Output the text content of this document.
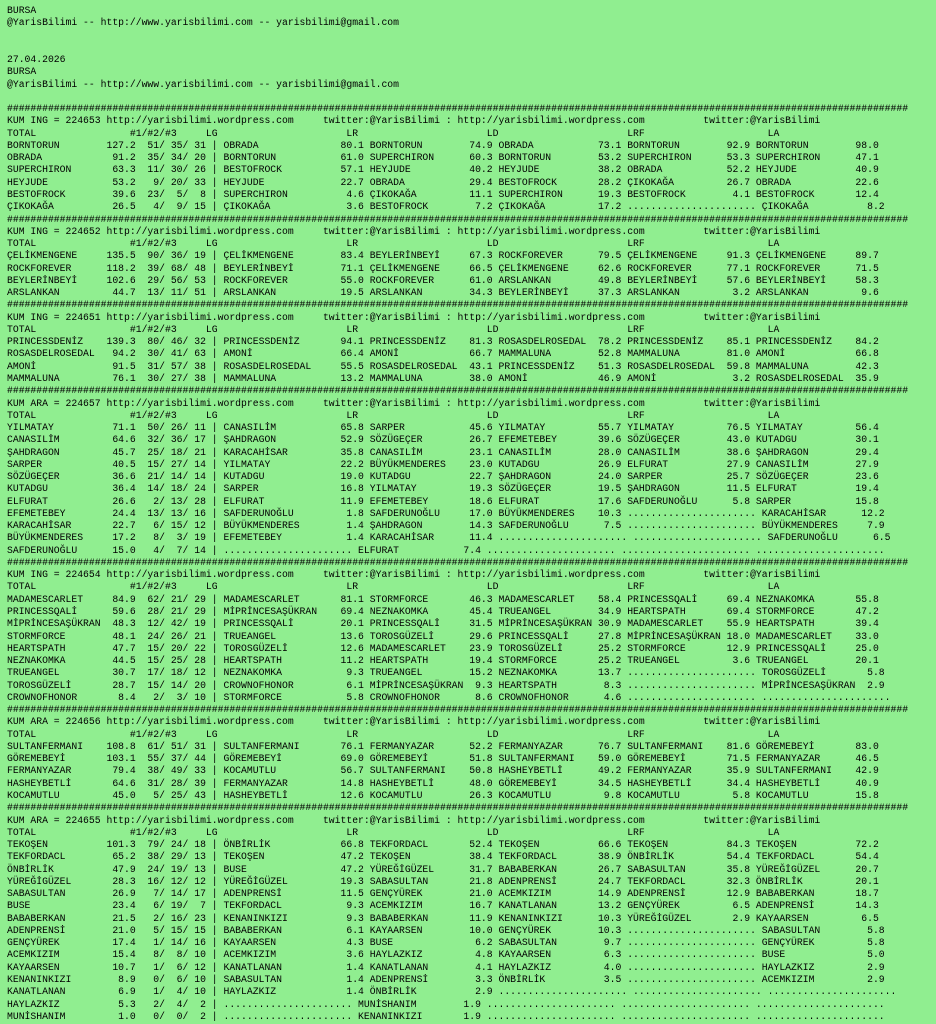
BURSA
@YarisBilimi -- http://www.yarisbilimi.com -- yarisbilimi@gmail.com
27.04.2026
BURSA
@YarisBilimi -- http://www.yarisbilimi.com -- yarisbilimi@gmail.com
##########################################################################################################################################################
KUM ING = 224653 http://yarisbilimi.wordpress.com     twitter:@YarisBilimi : http://yarisbilimi.wordpress.com          twitter:@YarisBilimi
TOTAL                #1/#2/#3     LG                      LR                      LD                      LRF                     LA
BORNTORUN        127.2  51/ 35/ 31 | OBRADA              80.1 BORNTORUN        74.9 OBRADA           73.1 BORNTORUN        92.9 BORNTORUN        98.0
OBRADA            91.2  35/ 34/ 20 | BORNTORUN           61.0 SUPERCHIRON      60.3 BORNTORUN        53.2 SUPERCHIRON      53.3 SUPERCHIRON      47.1
SUPERCHIRON       63.3  11/ 30/ 26 | BESTOFROCK          57.1 HEYJUDE          40.2 HEYJUDE          38.2 OBRADA           52.2 HEYJUDE          40.9
HEYJUDE           53.2   9/ 20/ 33 | HEYJUDE             22.7 OBRADA           29.4 BESTOFROCK       28.2 ÇIKOKAĞA         26.7 OBRADA           22.6
BESTOFROCK        39.6  23/  5/  8 | SUPERCHIRON          4.6 ÇIKOKAĞA         11.1 SUPERCHIRON      19.3 BESTOFROCK        4.1 BESTOFROCK       12.4
ÇIKOKAĞA          26.5   4/  9/ 15 | ÇIKOKAĞA             3.6 BESTOFROCK        7.2 ÇIKOKAĞA         17.2 ...................... ÇIKOKAĞA          8.2
##########################################################################################################################################################
KUM ING = 224652 http://yarisbilimi.wordpress.com     twitter:@YarisBilimi : http://yarisbilimi.wordpress.com          twitter:@YarisBilimi
TOTAL                #1/#2/#3     LG                      LR                      LD                      LRF                     LA
ÇELİKMENGENE     135.5  90/ 36/ 19 | ÇELİKMENGENE        83.4 BEYLERİNBEYİ     67.3 ROCKFOREVER      79.5 ÇELİKMENGENE     91.3 ÇELİKMENGENE     89.7
ROCKFOREVER      118.2  39/ 68/ 48 | BEYLERİNBEYİ        71.1 ÇELİKMENGENE     66.5 ÇELİKMENGENE     62.6 ROCKFOREVER      77.1 ROCKFOREVER      71.5
BEYLERİNBEYİ     102.6  29/ 56/ 53 | ROCKFOREVER         55.0 ROCKFOREVER      61.0 ARSLANKAN        49.8 BEYLERİNBEYİ     57.6 BEYLERİNBEYİ     58.3
ARSLANKAN         44.7  13/ 11/ 51 | ARSLANKAN           19.5 ARSLANKAN        34.3 BEYLERİNBEYİ     37.3 ARSLANKAN         3.2 ARSLANKAN         9.6
##########################################################################################################################################################
KUM ING = 224651 http://yarisbilimi.wordpress.com     twitter:@YarisBilimi : http://yarisbilimi.wordpress.com          twitter:@YarisBilimi
TOTAL                #1/#2/#3     LG                      LR                      LD                      LRF                     LA
PRINCESSDENİZ    139.3  80/ 46/ 32 | PRINCESSDENİZ       94.1 PRINCESSDENİZ    81.3 ROSASDELROSEDAL  78.2 PRINCESSDENİZ    85.1 PRINCESSDENİZ    84.2
ROSASDELROSEDAL   94.2  30/ 41/ 63 | AMONİ               66.4 AMONİ            66.7 MAMMALUNA        52.8 MAMMALUNA        81.0 AMONİ            66.8
AMONİ             91.5  31/ 57/ 38 | ROSASDELROSEDAL     55.5 ROSASDELROSEDAL  43.1 PRINCESSDENİZ    51.3 ROSASDELROSEDAL  59.8 MAMMALUNA        42.3
MAMMALUNA         76.1  30/ 27/ 38 | MAMMALUNA           13.2 MAMMALUNA        38.0 AMONİ            46.9 AMONİ             3.2 ROSASDELROSEDAL  35.9
##########################################################################################################################################################
KUM ARA = 224657 http://yarisbilimi.wordpress.com     twitter:@YarisBilimi : http://yarisbilimi.wordpress.com          twitter:@YarisBilimi
TOTAL                #1/#2/#3     LG                      LR                      LD                      LRF                     LA
YILMATAY          71.1  50/ 26/ 11 | CANASILİM           65.8 SARPER           45.6 YILMATAY         55.7 YILMATAY         76.5 YILMATAY         56.4
CANASILİM         64.6  32/ 36/ 17 | ŞAHDRAGON           52.9 SÖZÜGEÇER        26.7 EFEMETEBEY       39.6 SÖZÜGEÇER        43.0 KUTADGU          30.1
ŞAHDRAGON         45.7  25/ 18/ 21 | KARACAHİSAR         35.8 CANASILİM        23.1 CANASILİM        28.0 CANASILİM        38.6 ŞAHDRAGON        29.4
SARPER            40.5  15/ 27/ 14 | YILMATAY            22.2 BÜYÜKMENDERES    23.0 KUTADGU          26.9 ELFURAT          27.9 CANASILİM        27.9
SÖZÜGEÇER         36.6  21/ 14/ 14 | KUTADGU             19.0 KUTADGU          22.7 ŞAHDRAGON        24.0 SARPER           25.7 SÖZÜGEÇER        23.6
KUTADGU           36.4  14/ 18/ 24 | SARPER              16.8 YILMATAY         19.3 SÖZÜGEÇER        19.5 ŞAHDRAGON        11.5 ELFURAT          19.4
ELFURAT           26.6   2/ 13/ 28 | ELFURAT             11.9 EFEMETEBEY       18.6 ELFURAT          17.6 SAFDERUNOĞLU      5.8 SARPER           15.8
EFEMETEBEY        24.4  13/ 13/ 16 | SAFDERUNOĞLU         1.8 SAFDERUNOĞLU     17.0 BÜYÜKMENDERES    10.3 ...................... KARACAHİSAR      12.2
KARACAHİSAR       22.7   6/ 15/ 12 | BÜYÜKMENDERES        1.4 ŞAHDRAGON        14.3 SAFDERUNOĞLU      7.5 ...................... BÜYÜKMENDERES     7.9
BÜYÜKMENDERES     17.2   8/  3/ 19 | EFEMETEBEY           1.4 KARACAHİSAR      11.4 ...................... ...................... SAFDERUNOĞLU      6.5
SAFDERUNOĞLU      15.0   4/  7/ 14 | ...................... ELFURAT           7.4 ...................... ...................... ......................
##########################################################################################################################################################
KUM ING = 224654 http://yarisbilimi.wordpress.com     twitter:@YarisBilimi : http://yarisbilimi.wordpress.com          twitter:@YarisBilimi
TOTAL                #1/#2/#3     LG                      LR                      LD                      LRF                     LA
MADAMESCARLET     84.9  62/ 21/ 29 | MADAMESCARLET       81.1 STORMFORCE       46.3 MADAMESCARLET    58.4 PRINCESSQALİ     69.4 NEZNAKOMKA       55.8
PRINCESSQALİ      59.6  28/ 21/ 29 | MİPRİNCESAŞÜKRAN    69.4 NEZNAKOMKA       45.4 TRUEANGEL        34.9 HEARTSPATH       69.4 STORMFORCE       47.2
MİPRİNCESAŞÜKRAN  48.3  12/ 42/ 19 | PRINCESSQALİ        20.1 PRINCESSQALİ     31.5 MİPRİNCESAŞÜKRAN 30.9 MADAMESCARLET    55.9 HEARTSPATH       39.4
STORMFORCE        48.1  24/ 26/ 21 | TRUEANGEL           13.6 TOROSGÜZELİ      29.6 PRINCESSQALİ     27.8 MİPRİNCESAŞÜKRAN 18.0 MADAMESCARLET    33.0
HEARTSPATH        47.7  15/ 20/ 22 | TOROSGÜZELİ         12.6 MADAMESCARLET    23.9 TOROSGÜZELİ      25.2 STORMFORCE       12.9 PRINCESSQALİ     25.0
NEZNAKOMKA        44.5  15/ 25/ 28 | HEARTSPATH          11.2 HEARTSPATH       19.4 STORMFORCE       25.2 TRUEANGEL         3.6 TRUEANGEL        20.1
TRUEANGEL         30.7  17/ 18/ 12 | NEZNAKOMKA           9.3 TRUEANGEL        15.2 NEZNAKOMKA       13.7 ...................... TOROSGÜZELİ       5.8
TOROSGÜZELİ       28.7  15/ 14/ 20 | CROWNOFHONOR         6.1 MİPRİNCESAŞÜKRAN  9.3 HEARTSPATH        8.3 ...................... MİPRİNCESAŞÜKRAN  2.9
CROWNOFHONOR       8.4   2/  3/ 10 | STORMFORCE           5.8 CROWNOFHONOR      8.6 CROWNOFHONOR      4.6 ...................... ......................
##########################################################################################################################################################
KUM ARA = 224656 http://yarisbilimi.wordpress.com     twitter:@YarisBilimi : http://yarisbilimi.wordpress.com          twitter:@YarisBilimi
TOTAL                #1/#2/#3     LG                      LR                      LD                      LRF                     LA
SULTANFERMANI    108.8  61/ 51/ 31 | SULTANFERMANI       76.1 FERMANYAZAR      52.2 FERMANYAZAR      76.7 SULTANFERMANI    81.6 GÖREMEBEYİ       83.0
GÖREMEBEYİ       103.1  55/ 37/ 44 | GÖREMEBEYİ          69.0 GÖREMEBEYİ       51.8 SULTANFERMANI    59.0 GÖREMEBEYİ       71.5 FERMANYAZAR      46.5
FERMANYAZAR       79.4  38/ 49/ 33 | KOCAMUTLU           56.7 SULTANFERMANI    50.8 HASHEYBETLİ      49.2 FERMANYAZAR      35.9 SULTANFERMANI    42.9
HASHEYBETLİ       64.6  31/ 28/ 39 | FERMANYAZAR         14.8 HASHEYBETLİ      48.0 GÖREMEBEYİ       34.5 HASHEYBETLİ      34.4 HASHEYBETLİ      40.9
KOCAMUTLU         45.0   5/ 25/ 43 | HASHEYBETLİ         12.6 KOCAMUTLU        26.3 KOCAMUTLU         9.8 KOCAMUTLU         5.8 KOCAMUTLU        15.8
##########################################################################################################################################################
KUM ARA = 224655 http://yarisbilimi.wordpress.com     twitter:@YarisBilimi : http://yarisbilimi.wordpress.com          twitter:@YarisBilimi
TOTAL                #1/#2/#3     LG                      LR                      LD                      LRF                     LA
TEKOŞEN          101.3  79/ 24/ 18 | ÖNBİRLİK            66.8 TEKFORDACL       52.4 TEKOŞEN          66.6 TEKOŞEN          84.3 TEKOŞEN          72.2
TEKFORDACL        65.2  38/ 29/ 13 | TEKOŞEN             47.2 TEKOŞEN          38.4 TEKFORDACL       38.9 ÖNBİRLİK         54.4 TEKFORDACL       54.4
ÖNBİRLİK          47.9  24/ 19/ 13 | BUSE                47.2 YÜREĞİGÜZEL      31.7 BABABERKAN       26.7 SABASULTAN       35.8 YÜREĞİGÜZEL      20.7
YÜREĞİGÜZEL       28.3  16/ 12/ 12 | YÜREĞİGÜZEL         19.3 SABASULTAN       21.8 ADENPRENSİ       24.7 TEKFORDACL       32.3 ÖNBİRLİK         20.1
SABASULTAN        26.9   7/ 14/ 17 | ADENPRENSİ          11.5 GENÇYÜREK        21.0 ACEMKIZIM        14.9 ADENPRENSİ       12.9 BABABERKAN       18.7
BUSE              23.4   6/ 19/  7 | TEKFORDACL           9.3 ACEMKIZIM        16.7 KANATLANAN       13.2 GENÇYÜREK         6.5 ADENPRENSİ       14.3
BABABERKAN        21.5   2/ 16/ 23 | KENANINKIZI          9.3 BABABERKAN       11.9 KENANINKIZI      10.3 YÜREĞİGÜZEL       2.9 KAYAARSEN         6.5
ADENPRENSİ        21.0   5/ 15/ 15 | BABABERKAN           6.1 KAYAARSEN        10.0 GENÇYÜREK        10.3 ...................... SABASULTAN        5.8
GENÇYÜREK         17.4   1/ 14/ 16 | KAYAARSEN            4.3 BUSE              6.2 SABASULTAN        9.7 ...................... GENÇYÜREK         5.8
ACEMKIZIM         15.4   8/  8/ 10 | ACEMKIZIM            3.6 HAYLAZKIZ         4.8 KAYAARSEN         6.3 ...................... BUSE              5.0
KAYAARSEN         10.7   1/  6/ 12 | KANATLANAN           1.4 KANATLANAN        4.1 HAYLAZKIZ         4.0 ...................... HAYLAZKIZ         2.9
KENANINKIZI        8.9   0/  6/ 10 | SABASULTAN           1.4 ADENPRENSİ        3.3 ÖNBİRLİK          3.5 ...................... ACEMKIZIM         2.9
KANATLANAN         6.9   1/  4/ 10 | HAYLAZKIZ            1.4 ÖNBİRLİK          2.9 ...................... ...................... ......................
HAYLAZKIZ          5.3   2/  4/  2 | ...................... MUNİSHANIM        1.9 ...................... ...................... ......................
MUNİSHANIM         1.0   0/  0/  2 | ...................... KENANINKIZI       1.9 ...................... ...................... ......................
